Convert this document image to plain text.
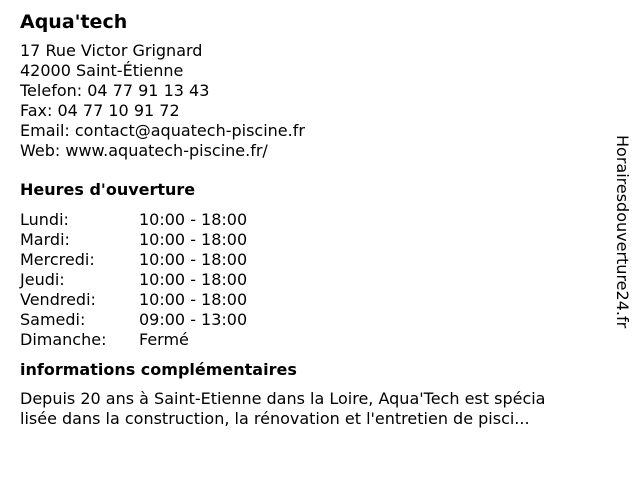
Aqua'tech
17 Rue Victor Grignard
42000 Saint-Étienne
Telefon: 04 77 91 13 43
Fax: 04 77 10 91 72
Email: contact@aquatech-piscine.fr
Web: www.aquatech-piscine.fr/
Heures d'ouverture
Lundi:	10:00 - 18:00
Mardi:	10:00 - 18:00
Mercredi:	10:00 - 18:00
Jeudi:	10:00 - 18:00
Vendredi:	10:00 - 18:00
Samedi:	09:00 - 13:00
Dimanche:	Fermé
informations complémentaires
Depuis 20 ans à Saint-Etienne dans la Loire, Aqua'Tech est spécia
lisée dans la construction, la rénovation et l'entretien de pisci...
Horairesdouverture24.fr
